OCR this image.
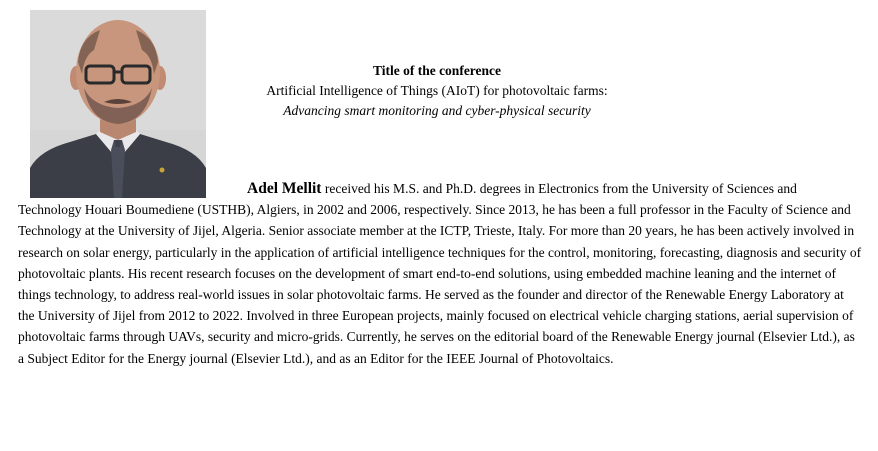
Title of the conference
Artificial Intelligence of Things (AIoT) for photovoltaic farms:
Advancing smart monitoring and cyber-physical security
Adel Mellit received his M.S. and Ph.D. degrees in Electronics from the University of Sciences and Technology Houari Boumediene (USTHB), Algiers, in 2002 and 2006, respectively. Since 2013, he has been a full professor in the Faculty of Science and Technology at the University of Jijel, Algeria. Senior associate member at the ICTP, Trieste, Italy. For more than 20 years, he has been actively involved in research on solar energy, particularly in the application of artificial intelligence techniques for the control, monitoring, forecasting, diagnosis and security of photovoltaic plants. His recent research focuses on the development of smart end-to-end solutions, using embedded machine leaning and the internet of things technology, to address real-world issues in solar photovoltaic farms. He served as the founder and director of the Renewable Energy Laboratory at the University of Jijel from 2012 to 2022. Involved in three European projects, mainly focused on electrical vehicle charging stations, aerial supervision of photovoltaic farms through UAVs, security and micro-grids. Currently, he serves on the editorial board of the Renewable Energy journal (Elsevier Ltd.), as a Subject Editor for the Energy journal (Elsevier Ltd.), and as an Editor for the IEEE Journal of Photovoltaics.
